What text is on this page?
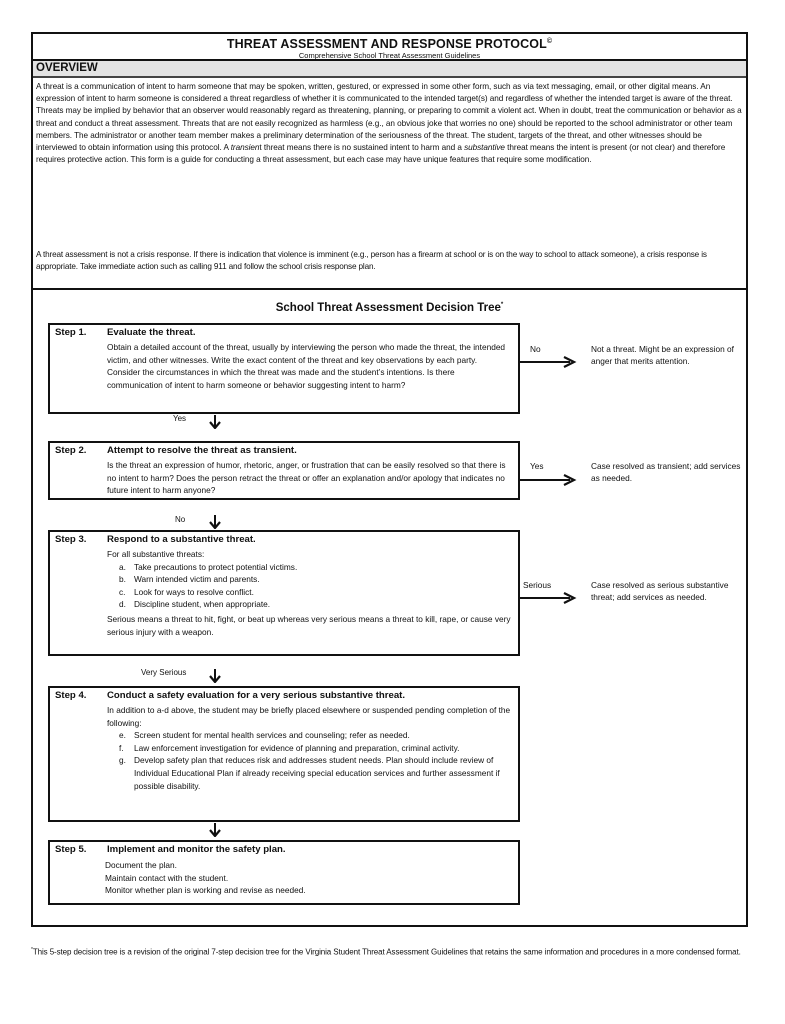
THREAT ASSESSMENT AND RESPONSE PROTOCOL©
Comprehensive School Threat Assessment Guidelines
OVERVIEW
A threat is a communication of intent to harm someone that may be spoken, written, gestured, or expressed in some other form, such as via text messaging, email, or other digital means. An expression of intent to harm someone is considered a threat regardless of whether it is communicated to the intended target(s) and regardless of whether the intended target is aware of the threat. Threats may be implied by behavior that an observer would reasonably regard as threatening, planning, or preparing to commit a violent act. When in doubt, treat the communication or behavior as a threat and conduct a threat assessment. Threats that are not easily recognized as harmless (e.g., an obvious joke that worries no one) should be reported to the school administrator or other team members. The administrator or another team member makes a preliminary determination of the seriousness of the threat. The student, targets of the threat, and other witnesses should be interviewed to obtain information using this protocol. A transient threat means there is no sustained intent to harm and a substantive threat means the intent is present (or not clear) and therefore requires protective action. This form is a guide for conducting a threat assessment, but each case may have unique features that require some modification.
A threat assessment is not a crisis response. If there is indication that violence is imminent (e.g., person has a firearm at school or is on the way to school to attack someone), a crisis response is appropriate. Take immediate action such as calling 911 and follow the school crisis response plan.
School Threat Assessment Decision Tree*
Step 1. Evaluate the threat.
Obtain a detailed account of the threat, usually by interviewing the person who made the threat, the intended victim, and other witnesses. Write the exact content of the threat and key observations by each party. Consider the circumstances in which the threat was made and the student’s intentions. Is there communication of intent to harm someone or behavior suggesting intent to harm?
No	Not a threat. Might be an expression of anger that merits attention.
Yes
Step 2. Attempt to resolve the threat as transient.
Is the threat an expression of humor, rhetoric, anger, or frustration that can be easily resolved so that there is no intent to harm? Does the person retract the threat or offer an explanation and/or apology that indicates no future intent to harm anyone?
Yes	Case resolved as transient; add services as needed.
No
Step 3. Respond to a substantive threat.

For all substantive threats:

a. Take precautions to protect potential victims.
b. Warn intended victim and parents.
c. Look for ways to resolve conflict.
d. Discipline student, when appropriate.

Serious means a threat to hit, fight, or beat up whereas very serious means a threat to kill, rape, or cause very serious injury with a weapon.

Serious	Case resolved as serious substantive threat; add services as needed.
Very Serious
Step 4. Conduct a safety evaluation for a very serious substantive threat.

In addition to a-d above, the student may be briefly placed elsewhere or suspended pending completion of the following:

e. Screen student for mental health services and counseling; refer as needed.
f. Law enforcement investigation for evidence of planning and preparation, criminal activity.
g. Develop safety plan that reduces risk and addresses student needs. Plan should include review of Individual Educational Plan if already receiving special education services and further assessment if possible disability.
Step 5. Implement and monitor the safety plan.

Document the plan.

Maintain contact with the student.

Monitor whether plan is working and revise as needed.

*This 5-step decision tree is a revision of the original 7-step decision tree for the Virginia Student Threat Assessment Guidelines that retains the same information and procedures in a more condensed format.
